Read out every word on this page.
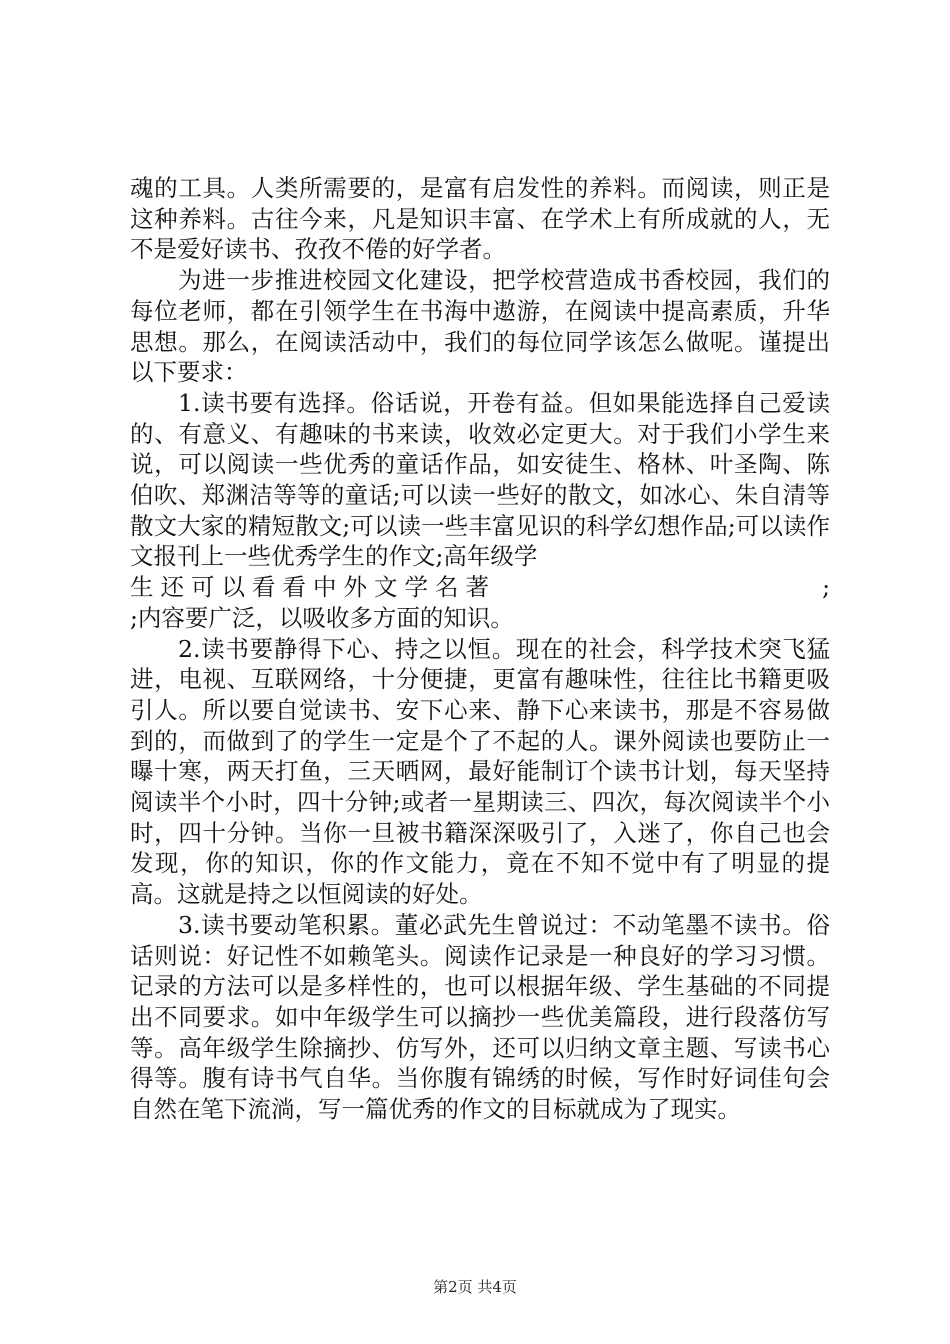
魂的工具。人类所需要的，是富有启发性的养料。而阅读，则正是这种养料。古往今来，凡是知识丰富、在学术上有所成就的人，无不是爱好读书、孜孜不倦的好学者。

为进一步推进校园文化建设，把学校营造成书香校园，我们的每位老师，都在引领学生在书海中遨游，在阅读中提高素质，升华思想。那么，在阅读活动中，我们的每位同学该怎么做呢。谨提出以下要求：

1.读书要有选择。俗话说，开卷有益。但如果能选择自己爱读的、有意义、有趣味的书来读，收效必定更大。对于我们小学生来说，可以阅读一些优秀的童话作品，如安徒生、格林、叶圣陶、陈伯吹、郑渊洁等等的童话;可以读一些好的散文，如冰心、朱自清等散文大家的精短散文;可以读一些丰富见识的科学幻想作品;可以读作文报刊上一些优秀学生的作文;高年级学

生还可以看看中外文学名著	;

;内容要广泛，以吸收多方面的知识。

2.读书要静得下心、持之以恒。现在的社会，科学技术突飞猛进，电视、互联网络，十分便捷，更富有趣味性，往往比书籍更吸引人。所以要自觉读书、安下心来、静下心来读书，那是不容易做到的，而做到了的学生一定是个了不起的人。课外阅读也要防止一曝十寒，两天打鱼，三天晒网，最好能制订个读书计划，每天坚持阅读半个小时，四十分钟;或者一星期读三、四次，每次阅读半个小时，四十分钟。当你一旦被书籍深深吸引了，入迷了，你自己也会发现，你的知识，你的作文能力，竟在不知不觉中有了明显的提高。这就是持之以恒阅读的好处。

3.读书要动笔积累。董必武先生曾说过：不动笔墨不读书。俗话则说：好记性不如赖笔头。阅读作记录是一种良好的学习习惯。记录的方法可以是多样性的，也可以根据年级、学生基础的不同提出不同要求。如中年级学生可以摘抄一些优美篇段，进行段落仿写等。高年级学生除摘抄、仿写外，还可以归纳文章主题、写读书心得等。腹有诗书气自华。当你腹有锦绣的时候，写作时好词佳句会自然在笔下流淌，写一篇优秀的作文的目标就成为了现实。

第2页 共4页
